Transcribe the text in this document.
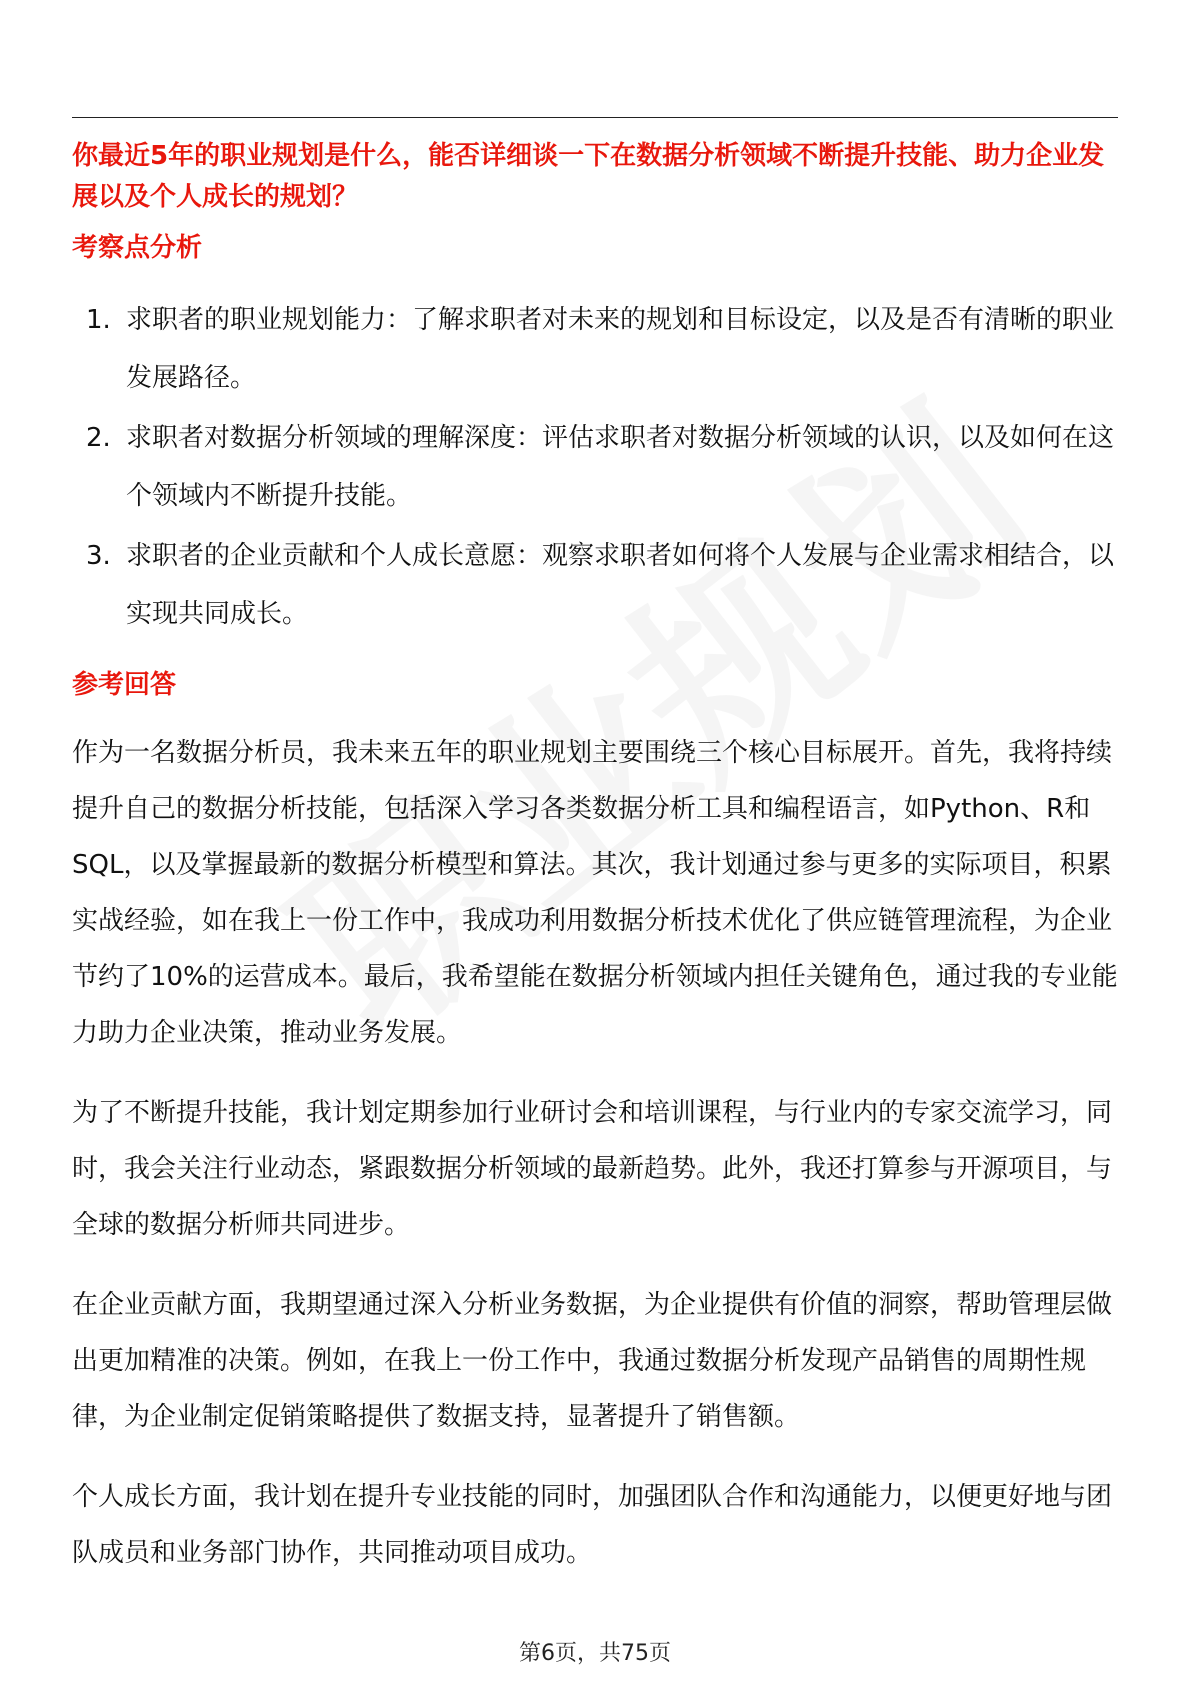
你最近5年的职业规划是什么，能否详细谈一下在数据分析领域不断提升技能、助力企业发展以及个人成长的规划？

考察点分析
1. 求职者的职业规划能力：了解求职者对未来的规划和目标设定，以及是否有清晰的职业发展路径。
2. 求职者对数据分析领域的理解深度：评估求职者对数据分析领域的认识，以及如何在这个领域内不断提升技能。
3. 求职者的企业贡献和个人成长意愿：观察求职者如何将个人发展与企业需求相结合，以实现共同成长。
参考回答

作为一名数据分析员，我未来五年的职业规划主要围绕三个核心目标展开。首先，我将持续提升自己的数据分析技能，包括深入学习各类数据分析工具和编程语言，如Python、R和SQL，以及掌握最新的数据分析模型和算法。其次，我计划通过参与更多的实际项目，积累实战经验，如在我上一份工作中，我成功利用数据分析技术优化了供应链管理流程，为企业节约了10%的运营成本。最后，我希望能在数据分析领域内担任关键角色，通过我的专业能力助力企业决策，推动业务发展。

为了不断提升技能，我计划定期参加行业研讨会和培训课程，与行业内的专家交流学习，同时，我会关注行业动态，紧跟数据分析领域的最新趋势。此外，我还打算参与开源项目，与全球的数据分析师共同进步。

在企业贡献方面，我期望通过深入分析业务数据，为企业提供有价值的洞察，帮助管理层做出更加精准的决策。例如，在我上一份工作中，我通过数据分析发现产品销售的周期性规律，为企业制定促销策略提供了数据支持，显著提升了销售额。

个人成长方面，我计划在提升专业技能的同时，加强团队合作和沟通能力，以便更好地与团队成员和业务部门协作，共同推动项目成功。

第6页，共75页
